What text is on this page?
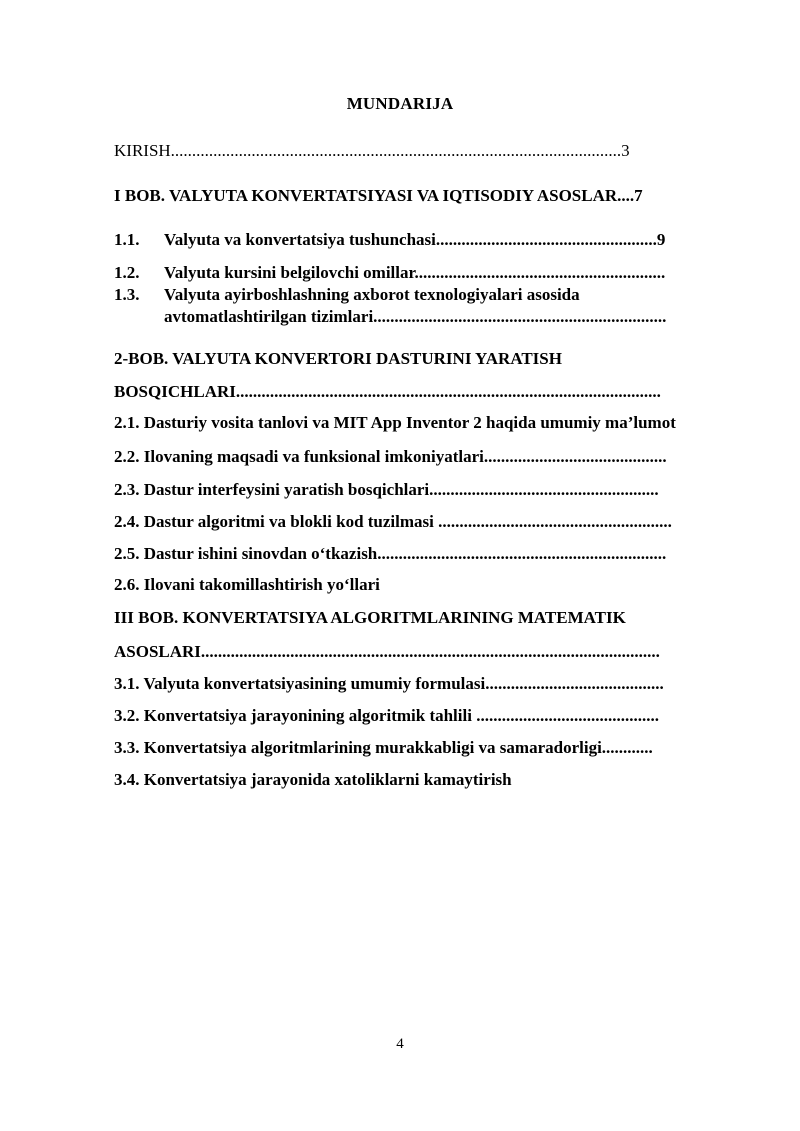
MUNDARIJA
KIRISH..........................................................................................................3
I BOB. VALYUTA KONVERTATSIYASI VA IQTISODIY ASOSLAR....7
1.1. Valyuta va konvertatsiya tushunchasi....................................................9
1.2. Valyuta kursini belgilovchi omillar...........................................................
1.3. Valyuta ayirboshlashning axborot texnologiyalari asosida
avtomatlashtirilgan tizimlari.....................................................................
2-BOB. VALYUTA KONVERTORI DASTURINI YARATISH
BOSQICHLARI....................................................................................................
2.1. Dasturiy vosita tanlovi va MIT App Inventor 2 haqida umumiy ma’lumot
2.2. Ilovaning maqsadi va funksional imkoniyatlari...........................................
2.3. Dastur interfeysini yaratish bosqichlari......................................................
2.4. Dastur algoritmi va blokli kod tuzilmasi .......................................................
2.5. Dastur ishini sinovdan o‘tkazish....................................................................
2.6. Ilovani takomillashtirish yo‘llari
III BOB. KONVERTATSIYA ALGORITMLARINING MATEMATIK
ASOSLARI............................................................................................................
3.1. Valyuta konvertatsiyasining umumiy formulasi..........................................
3.2. Konvertatsiya jarayonining algoritmik tahlili ...........................................
3.3. Konvertatsiya algoritmlarining murakkabligi va samaradorligi............
3.4. Konvertatsiya jarayonida xatoliklarni kamaytirish
4
